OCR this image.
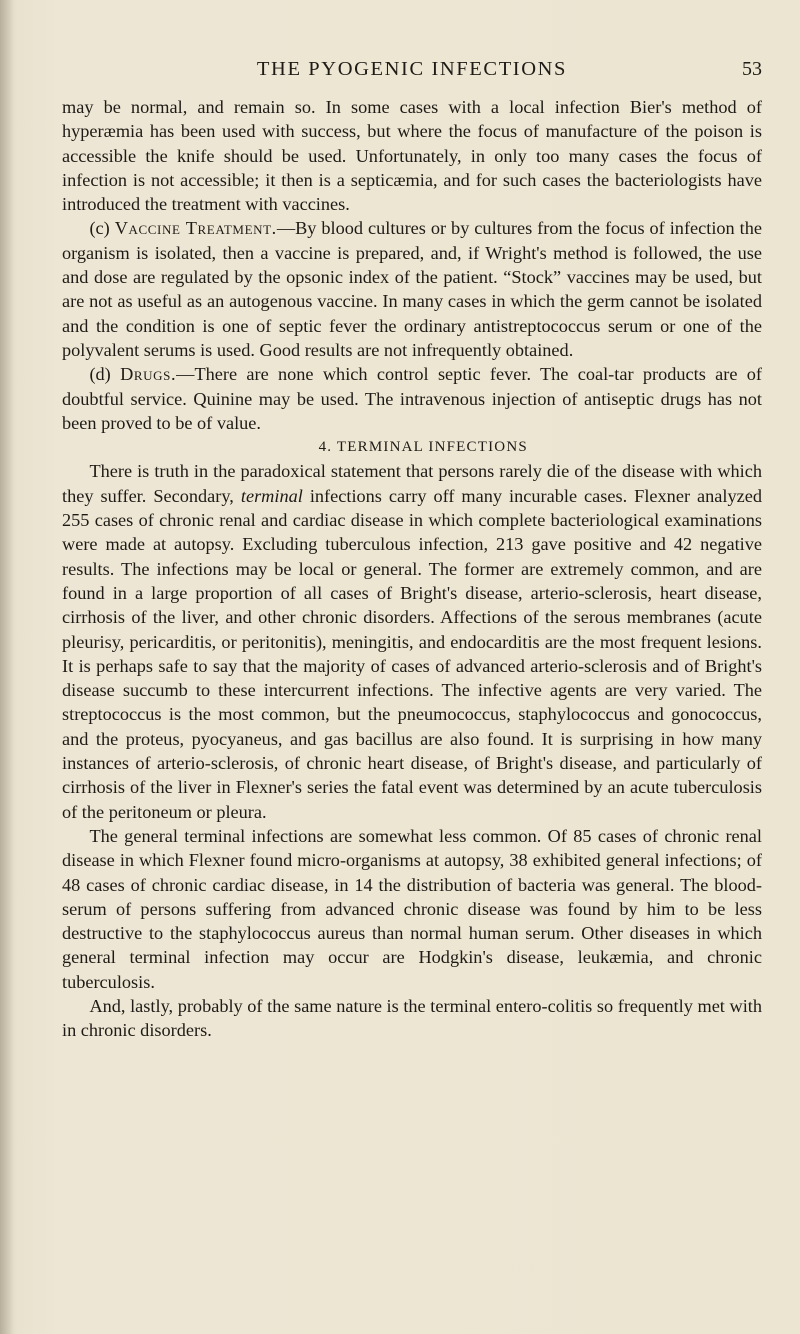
THE PYOGENIC INFECTIONS	53

may be normal, and remain so. In some cases with a local infection Bier's method of hyperæmia has been used with success, but where the focus of manufacture of the poison is accessible the knife should be used. Unfortunately, in only too many cases the focus of infection is not accessible; it then is a septicæmia, and for such cases the bacteriologists have introduced the treatment with vaccines.

(c) Vaccine Treatment.—By blood cultures or by cultures from the focus of infection the organism is isolated, then a vaccine is prepared, and, if Wright's method is followed, the use and dose are regulated by the opsonic index of the patient. “Stock” vaccines may be used, but are not as useful as an autogenous vaccine. In many cases in which the germ cannot be isolated and the condition is one of septic fever the ordinary antistreptococcus serum or one of the polyvalent serums is used. Good results are not infrequently obtained.

(d) Drugs.—There are none which control septic fever. The coal-tar products are of doubtful service. Quinine may be used. The intravenous injection of antiseptic drugs has not been proved to be of value.

4. TERMINAL INFECTIONS

There is truth in the paradoxical statement that persons rarely die of the disease with which they suffer. Secondary, terminal infections carry off many incurable cases. Flexner analyzed 255 cases of chronic renal and cardiac disease in which complete bacteriological examinations were made at autopsy. Excluding tuberculous infection, 213 gave positive and 42 negative results. The infections may be local or general. The former are extremely common, and are found in a large proportion of all cases of Bright's disease, arterio-sclerosis, heart disease, cirrhosis of the liver, and other chronic disorders. Affections of the serous membranes (acute pleurisy, pericarditis, or peritonitis), meningitis, and endocarditis are the most frequent lesions. It is perhaps safe to say that the majority of cases of advanced arterio-sclerosis and of Bright's disease succumb to these intercurrent infections. The infective agents are very varied. The streptococcus is the most common, but the pneumococcus, staphylococcus and gonococcus, and the proteus, pyocyaneus, and gas bacillus are also found. It is surprising in how many instances of arterio-sclerosis, of chronic heart disease, of Bright's disease, and particularly of cirrhosis of the liver in Flexner's series the fatal event was determined by an acute tuberculosis of the peritoneum or pleura.

The general terminal infections are somewhat less common. Of 85 cases of chronic renal disease in which Flexner found micro-organisms at autopsy, 38 exhibited general infections; of 48 cases of chronic cardiac disease, in 14 the distribution of bacteria was general. The blood-serum of persons suffering from advanced chronic disease was found by him to be less destructive to the staphylococcus aureus than normal human serum. Other diseases in which general terminal infection may occur are Hodgkin's disease, leukæmia, and chronic tuberculosis.

And, lastly, probably of the same nature is the terminal entero-colitis so frequently met with in chronic disorders.
